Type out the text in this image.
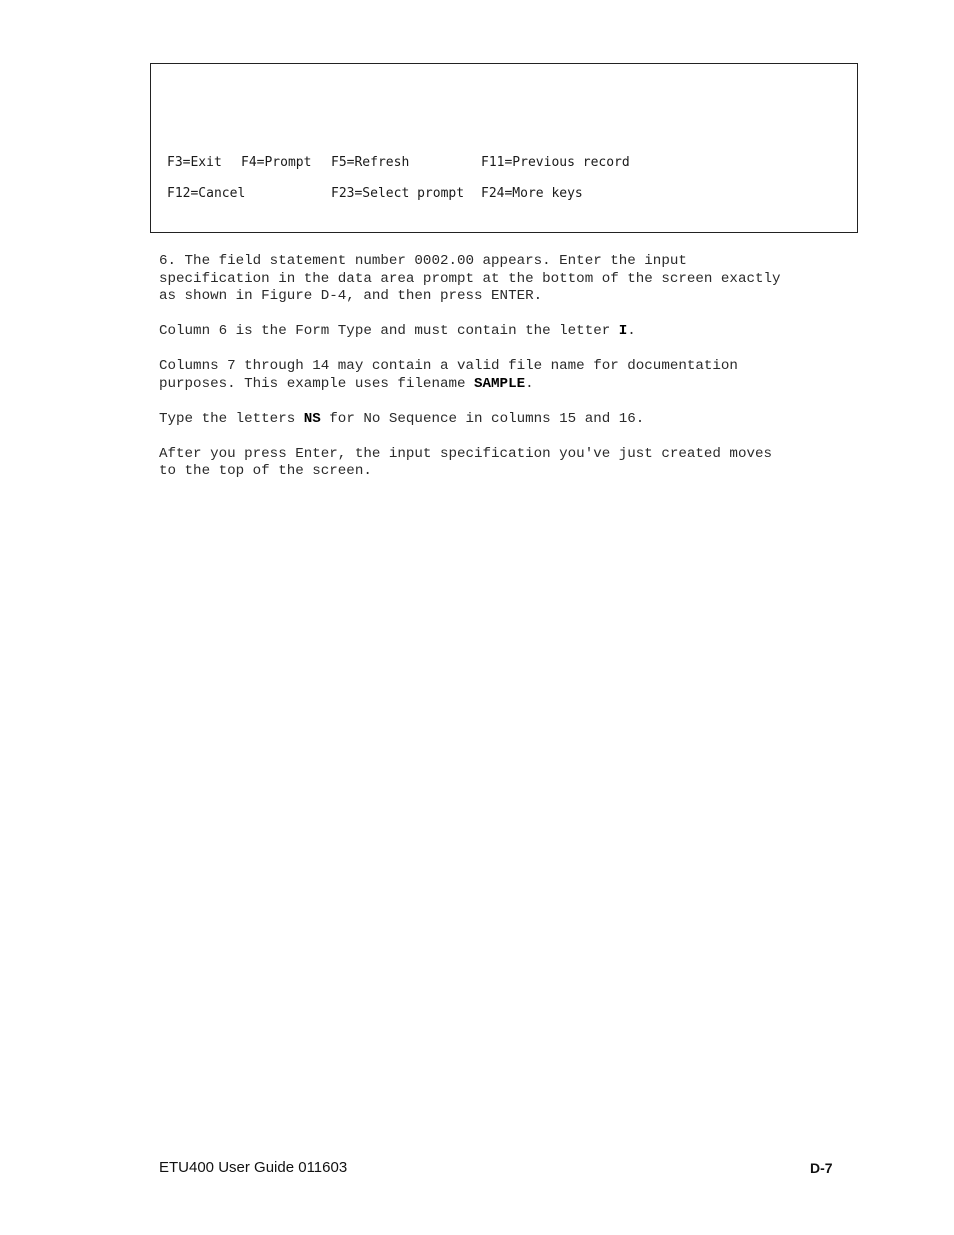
F3=Exit F4=Prompt F5=Refresh	F11=Previous record
F12=Cancel	F23=Select prompt F24=More keys

6. The field statement number 0002.00 appears. Enter the input
specification in the data area prompt at the bottom of the screen exactly
as shown in Figure D-4, and then press ENTER.

Column 6 is the Form Type and must contain the letter I.

Columns 7 through 14 may contain a valid file name for documentation
purposes. This example uses filename SAMPLE.

Type the letters NS for No Sequence in columns 15 and 16.

After you press Enter, the input specification you've just created moves
to the top of the screen.

ETU400 User Guide 011603	D-7
